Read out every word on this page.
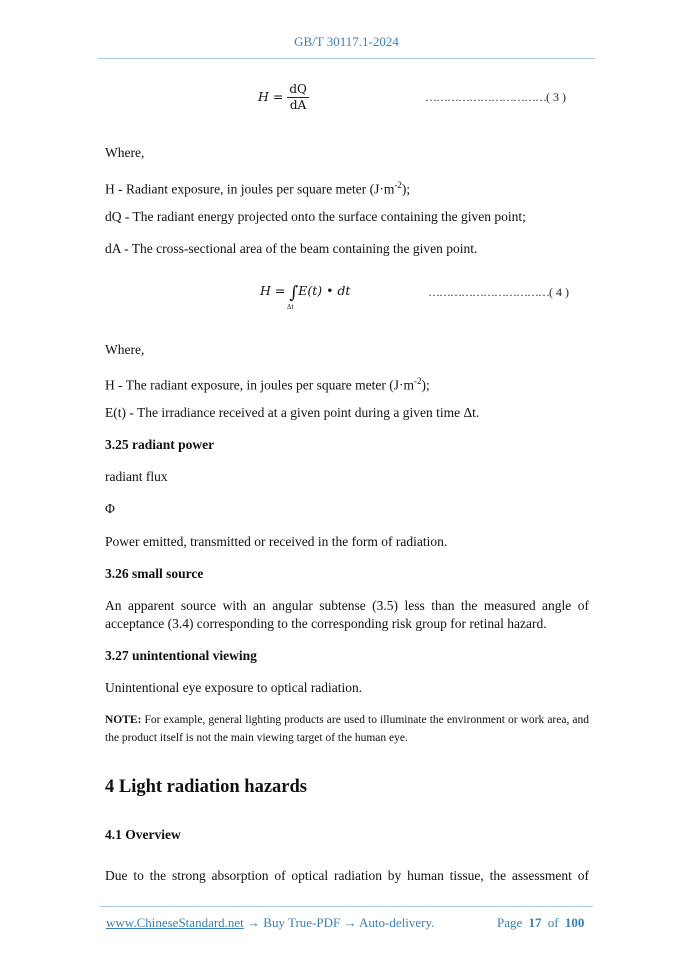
GB/T 30117.1-2024
$H = \frac{dQ}{dA}$	……………………………( 3 )
Where,
H - Radiant exposure, in joules per square meter $(J\cdot m^{-2})$;
dQ - The radiant energy projected onto the surface containing the given point;
dA - The cross-sectional area of the beam containing the given point.
H = ∫E(t) • dt
Δt
……………………………( 4 )
Where,
H - The radiant exposure, in joules per square meter $(J\cdot m^{-2})$;
E(t) - The irradiance received at a given point during a given time Δt.
3.25 radiant power
radiant flux
Φ
Power emitted, transmitted or received in the form of radiation.
3.26 small source
An apparent source with an angular subtense (3.5) less than the measured angle of acceptance (3.4) corresponding to the corresponding risk group for retinal hazard.
3.27 unintentional viewing
Unintentional eye exposure to optical radiation.
NOTE: For example, general lighting products are used to illuminate the environment or work area, and the product itself is not the main viewing target of the human eye.
4 Light radiation hazards
4.1 Overview
Due to the strong absorption of optical radiation by human tissue, the assessment of
www.ChineseStandard.net → Buy True-PDF → Auto-delivery.	Page 17 of 100
